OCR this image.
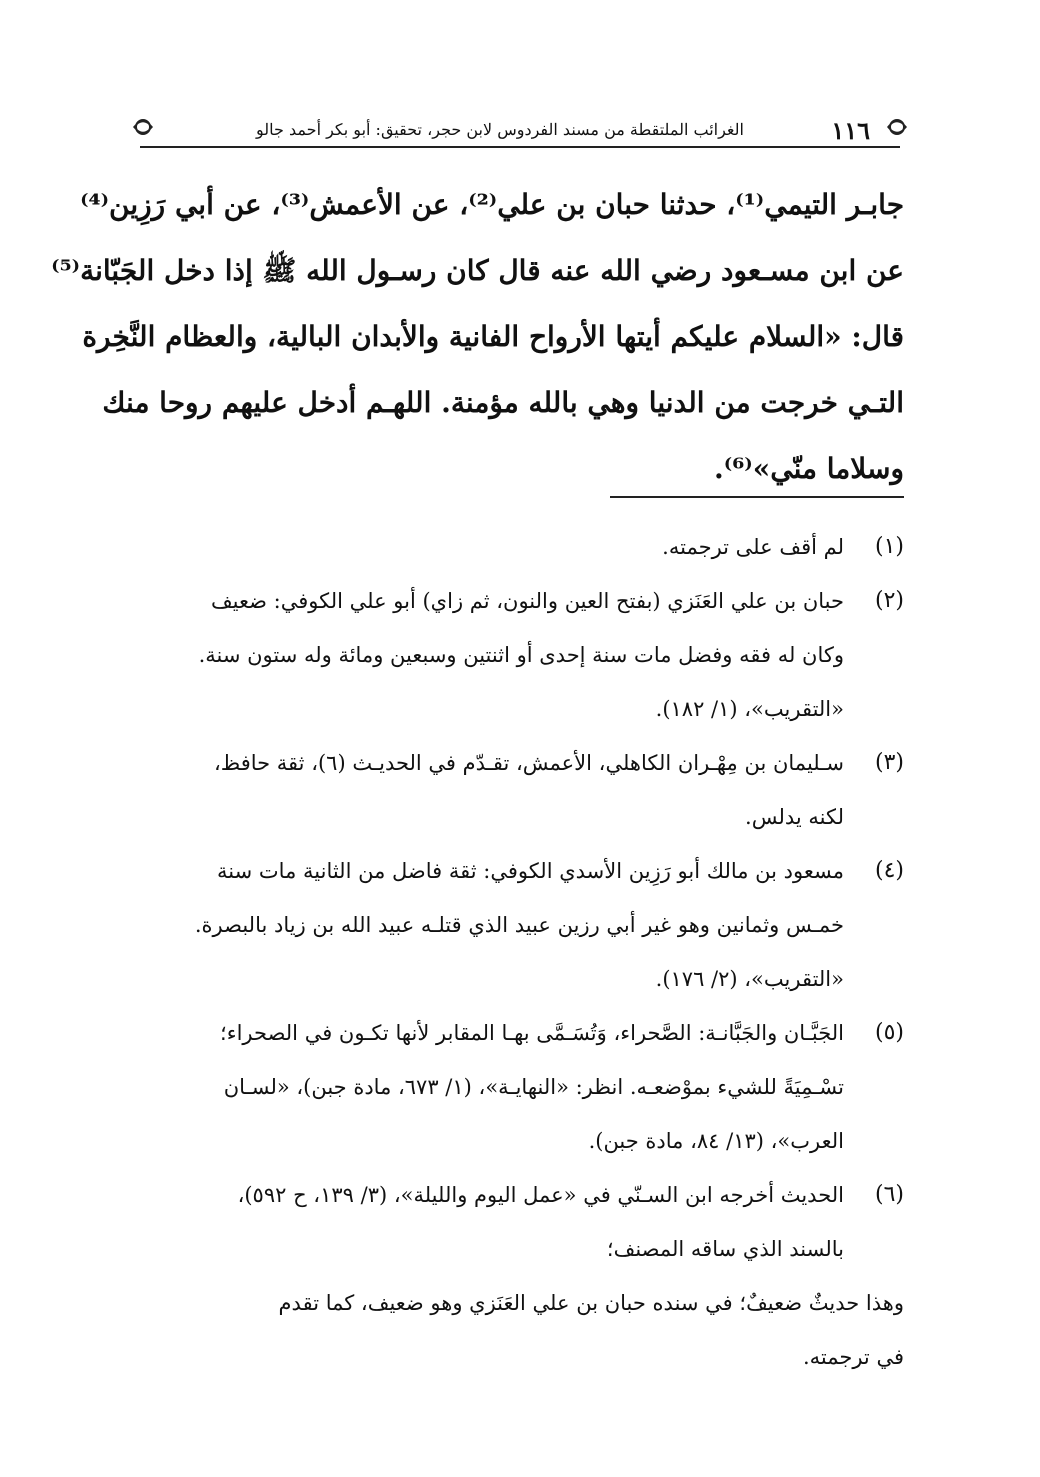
١١٦
الغرائب الملتقطة من مسند الفردوس لابن حجر، تحقيق: أبو بكر أحمد جالو
جابـر التيمي⁽¹⁾، حدثنا حبان بن علي⁽²⁾، عن الأعمش⁽³⁾، عن أبي رَزِين⁽⁴⁾
عن ابن مسـعود رضي الله عنه قال كان رسـول الله ﷺ إذا دخل الجَبّانة⁽⁵⁾
قال: «السلام عليكم أيتها الأرواح الفانية والأبدان البالية، والعظام النَّخِرة
التـي خرجت من الدنيا وهي بالله مؤمنة. اللهـم أدخل عليهم روحا منك
وسلاما منّي»⁽⁶⁾.
(١)
لم أقف على ترجمته.
(٢)
حبان بن علي العَنَزي (بفتح العين والنون، ثم زاي) أبو علي الكوفي: ضعيف
وكان له فقه وفضل مات سنة إحدى أو اثنتين وسبعين ومائة وله ستون سنة.
«التقريب»، (١/ ١٨٢).
(٣)
سـليمان بن مِهْـران الكاهلي، الأعمش، تقـدّم في الحديـث (٦)، ثقة حافظ،
لكنه يدلس.
(٤)
مسعود بن مالك أبو رَزِين الأسدي الكوفي: ثقة فاضل من الثانية مات سنة
خمـس وثمانين وهو غير أبي رزين عبيد الذي قتلـه عبيد الله بن زياد بالبصرة.
«التقريب»، (٢/ ١٧٦).
(٥)
الجَبَّـان والجَبَّانـة: الصَّحراء، وَتُسَـمَّى بهـا المقابر لأنها تكـون في الصحراء؛
تسْـمِيَةً للشيء بموْضعـه. انظر: «النهايـة»، (١/ ٦٧٣، مادة جبن)، «لسـان
العرب»، (١٣/ ٨٤، مادة جبن).
(٦)
الحديث أخرجه ابن السـنّي في «عمل اليوم والليلة»، (٣/ ١٣٩، ح ٥٩٢)،
بالسند الذي ساقه المصنف؛
وهذا حديثٌ ضعيفٌ؛ في سنده حبان بن علي العَنَزي وهو ضعيف، كما تقدم
في ترجمته.
